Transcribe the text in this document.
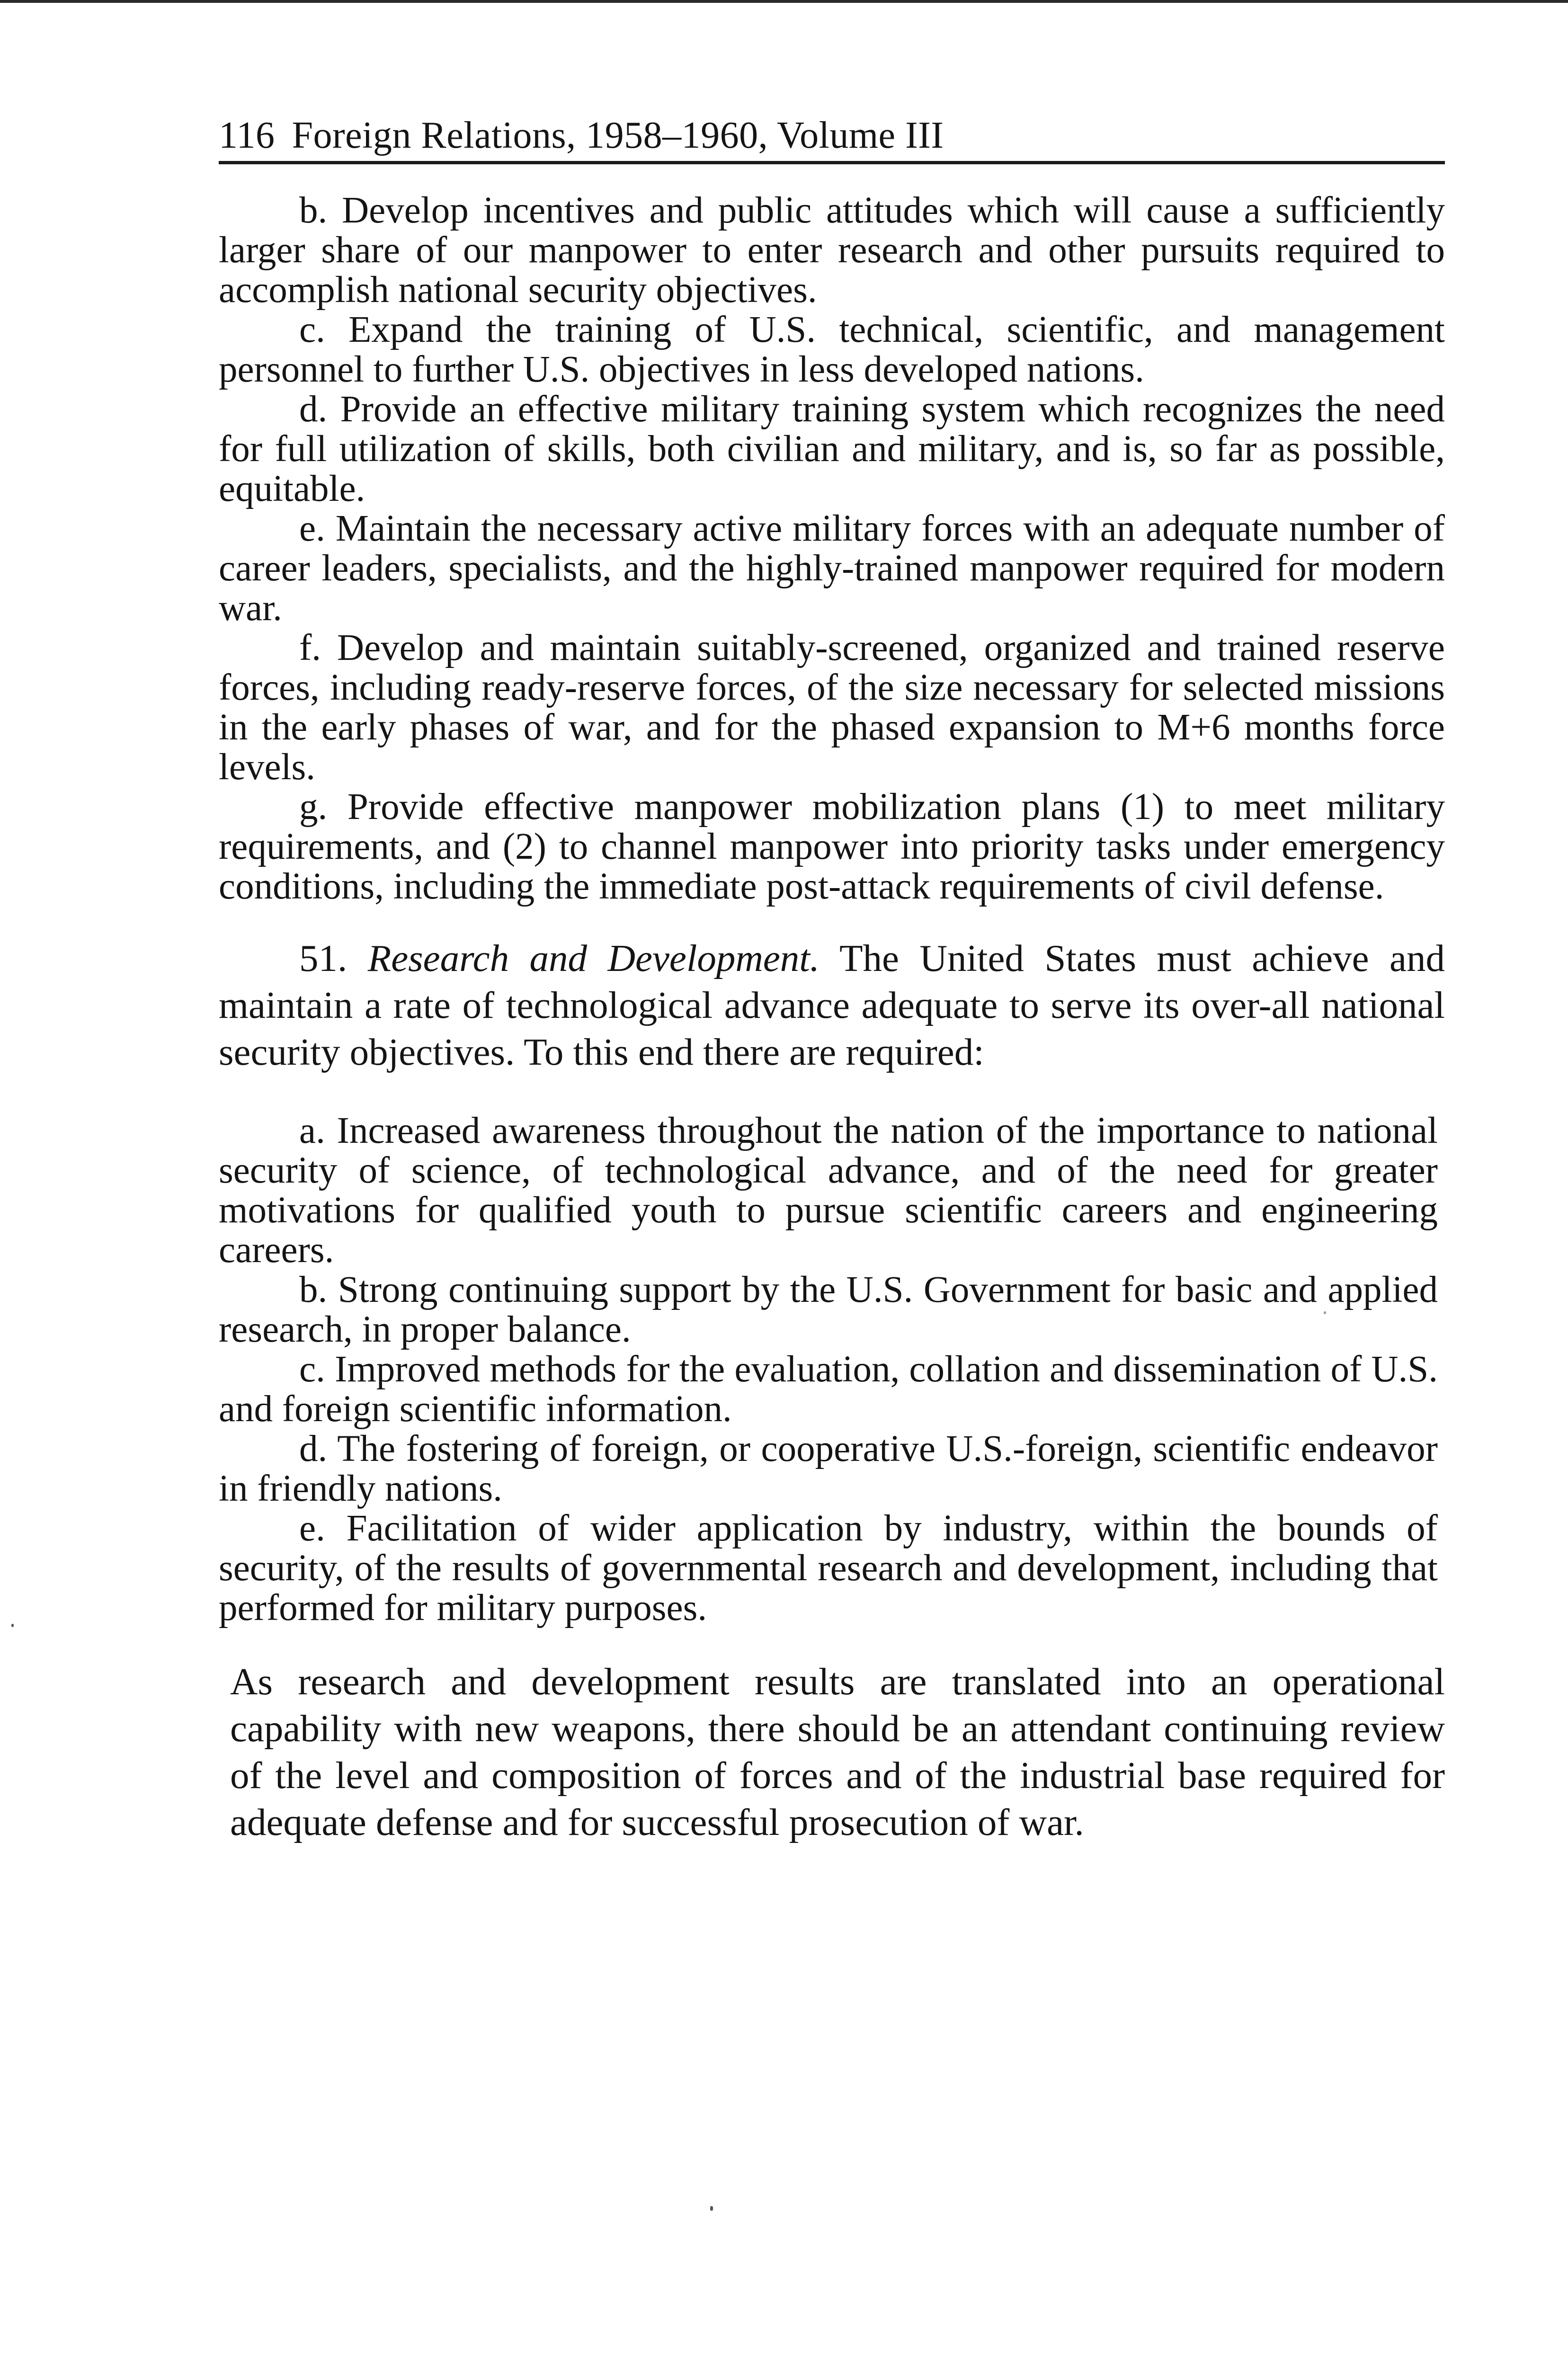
116 Foreign Relations, 1958–1960, Volume III

b. Develop incentives and public attitudes which will cause a sufficiently larger share of our manpower to enter research and other pursuits required to accomplish national security objectives.

c. Expand the training of U.S. technical, scientific, and management personnel to further U.S. objectives in less developed nations.

d. Provide an effective military training system which recognizes the need for full utilization of skills, both civilian and military, and is, so far as possible, equitable.

e. Maintain the necessary active military forces with an adequate number of career leaders, specialists, and the highly-trained manpower required for modern war.

f. Develop and maintain suitably-screened, organized and trained reserve forces, including ready-reserve forces, of the size necessary for selected missions in the early phases of war, and for the phased expansion to M+6 months force levels.

g. Provide effective manpower mobilization plans (1) to meet military requirements, and (2) to channel manpower into priority tasks under emergency conditions, including the immediate post-attack requirements of civil defense.

51. Research and Development. The United States must achieve and maintain a rate of technological advance adequate to serve its over-all national security objectives. To this end there are required:

a. Increased awareness throughout the nation of the importance to national security of science, of technological advance, and of the need for greater motivations for qualified youth to pursue scientific careers and engineering careers.

b. Strong continuing support by the U.S. Government for basic and applied research, in proper balance.

c. Improved methods for the evaluation, collation and dissemination of U.S. and foreign scientific information.

d. The fostering of foreign, or cooperative U.S.-foreign, scientific endeavor in friendly nations.

e. Facilitation of wider application by industry, within the bounds of security, of the results of governmental research and development, including that performed for military purposes.

As research and development results are translated into an operational capability with new weapons, there should be an attendant continuing review of the level and composition of forces and of the industrial base required for adequate defense and for successful prosecution of war.
